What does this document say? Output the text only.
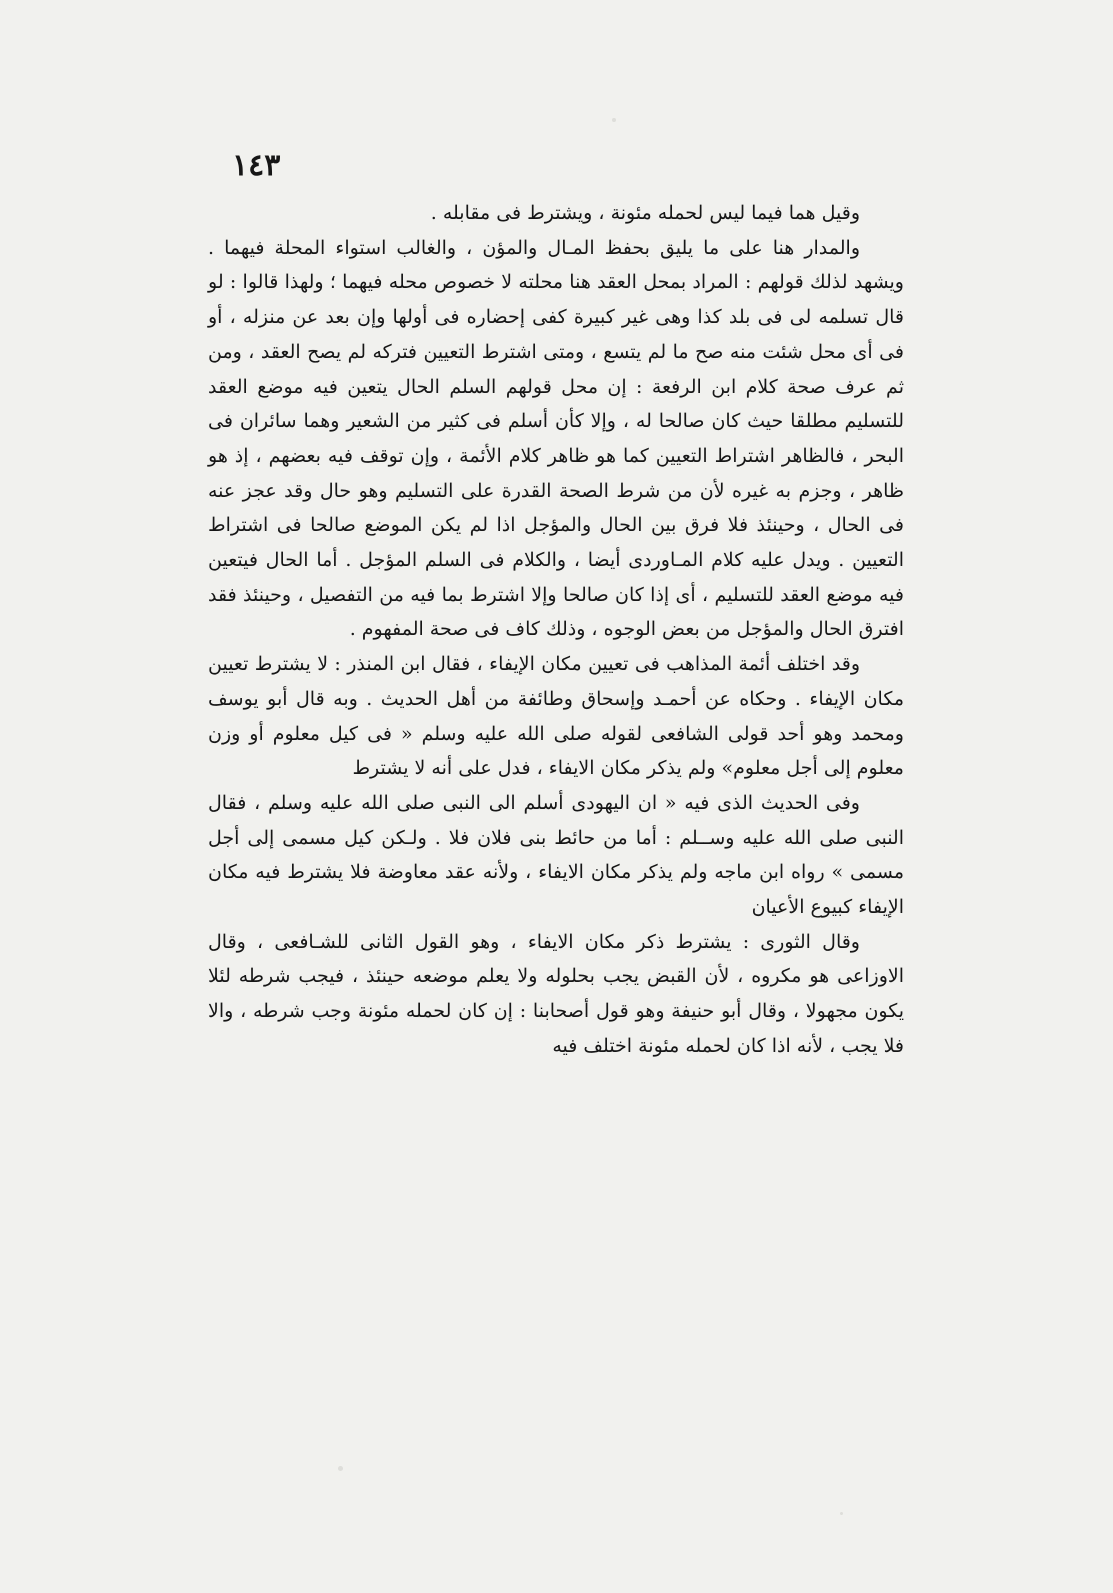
١٤٣

وقيل هما فيما ليس لحمله مئونة ، ويشترط فى مقابله .

والمدار هنا على ما يليق بحفظ المـال والمؤن ، والغالب استواء المحلة فيهما . ويشهد لذلك قولهم : المراد بمحل العقد هنا محلته لا خصوص محله فيهما ؛ ولهذا قالوا : لو قال تسلمه لى فى بلد كذا وهى غير كبيرة كفى إحضاره فى أولها وإن بعد عن منزله ، أو فى أى محل شئت منه صح ما لم يتسع ، ومتى اشترط التعيين فتركه لم يصح العقد ، ومن ثم عرف صحة كلام ابن الرفعة : إن محل قولهم السلم الحال يتعين فيه موضع العقد للتسليم مطلقا حيث كان صالحا له ، وإلا كأن أسلم فى كثير من الشعير وهما سائران فى البحر ، فالظاهر اشتراط التعيين كما هو ظاهر كلام الأئمة ، وإن توقف فيه بعضهم ، إذ هو ظاهر ، وجزم به غيره لأن من شرط الصحة القدرة على التسليم وهو حال وقد عجز عنه فى الحال ، وحينئذ فلا فرق بين الحال والمؤجل اذا لم يكن الموضع صالحا فى اشتراط التعيين . ويدل عليه كلام المـاوردى أيضا ، والكلام فى السلم المؤجل . أما الحال فيتعين فيه موضع العقد للتسليم ، أى إذا كان صالحا وإلا اشترط بما فيه من التفصيل ، وحينئذ فقد افترق الحال والمؤجل من بعض الوجوه ، وذلك كاف فى صحة المفهوم .

وقد اختلف أئمة المذاهب فى تعيين مكان الإيفاء ، فقال ابن المنذر : لا يشترط تعيين مكان الإيفاء . وحكاه عن أحمـد وإسحاق وطائفة من أهل الحديث . وبه قال أبو يوسف ومحمد وهو أحد قولى الشافعى لقوله صلى الله عليه وسلم « فى كيل معلوم أو وزن معلوم إلى أجل معلوم» ولم يذكر مكان الايفاء ، فدل على أنه لا يشترط

وفى الحديث الذى فيه « ان اليهودى أسلم الى النبى صلى الله عليه وسلم ، فقال النبى صلى الله عليه وســلم : أما من حائط بنى فلان فلا . ولـكن كيل مسمى إلى أجل مسمى » رواه ابن ماجه ولم يذكر مكان الايفاء ، ولأنه عقد معاوضة فلا يشترط فيه مكان الإيفاء كبيوع الأعيان

وقال الثورى : يشترط ذكر مكان الايفاء ، وهو القول الثانى للشـافعى ، وقال الاوزاعى هو مكروه ، لأن القبض يجب بحلوله ولا يعلم موضعه حينئذ ، فيجب شرطه لئلا يكون مجهولا ، وقال أبو حنيفة وهو قول أصحابنا : إن كان لحمله مئونة وجب شرطه ، والا فلا يجب ، لأنه اذا كان لحمله مئونة اختلف فيه
